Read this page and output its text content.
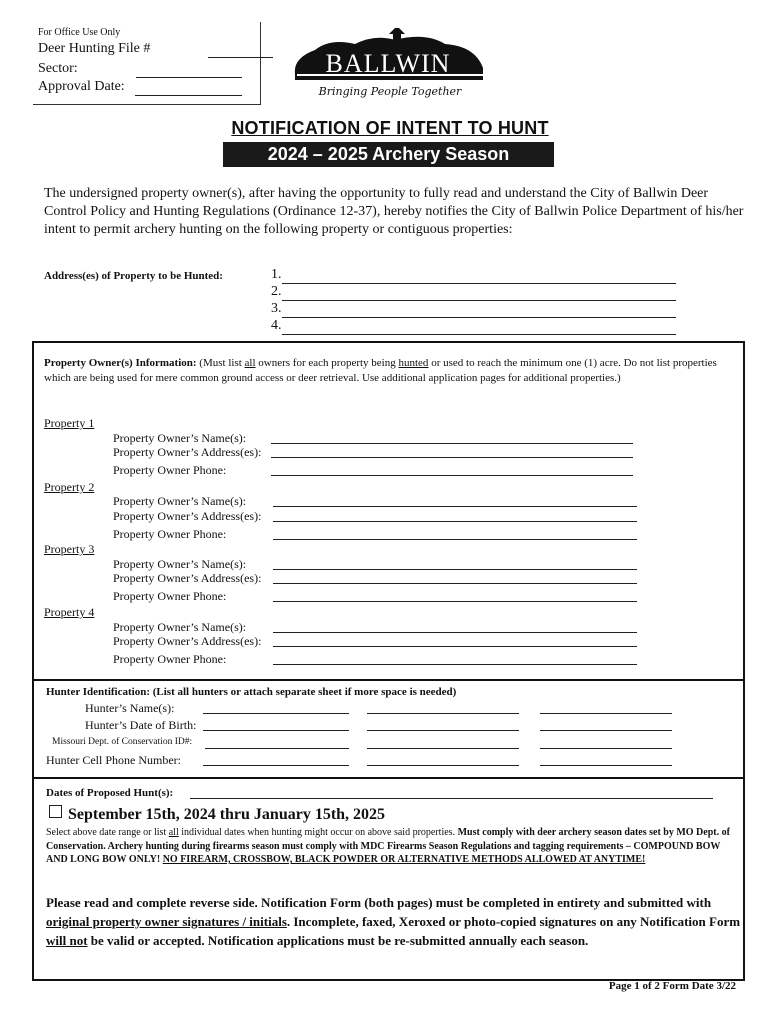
For Office Use Only
Deer Hunting File #
Sector:
Approval Date:
BALLWIN
Bringing People Together
NOTIFICATION OF INTENT TO HUNT
2024 – 2025 Archery Season
The undersigned property owner(s), after having the opportunity to fully read and understand the City of Ballwin Deer Control Policy and Hunting Regulations (Ordinance 12-37), hereby notifies the City of Ballwin Police Department of his/her intent to permit archery hunting on the following property or contiguous properties:
Address(es) of Property to be Hunted:	1.
2.
3.
4.
Property Owner(s) Information: (Must list all owners for each property being hunted or used to reach the minimum one (1) acre. Do not list properties which are being used for mere common ground access or deer retrieval. Use additional application pages for additional properties.)
Property 1
Property Owner’s Name(s):
Property Owner’s Address(es):
Property Owner Phone:
Property 2
Property Owner’s Name(s):
Property Owner’s Address(es):
Property Owner Phone:
Property 3
Property Owner’s Name(s):
Property Owner’s Address(es):
Property Owner Phone:
Property 4
Property Owner’s Name(s):
Property Owner’s Address(es):
Property Owner Phone:
Hunter Identification: (List all hunters or attach separate sheet if more space is needed)
Hunter’s Name(s):
Hunter’s Date of Birth:
Missouri Dept. of Conservation ID#:
Hunter Cell Phone Number:
Dates of Proposed Hunt(s):
September 15th, 2024 thru January 15th, 2025
Select above date range or list all individual dates when hunting might occur on above said properties. Must comply with deer archery season dates set by MO Dept. of Conservation. Archery hunting during firearms season must comply with MDC Firearms Season Regulations and tagging requirements – COMPOUND BOW AND LONG BOW ONLY! NO FIREARM, CROSSBOW, BLACK POWDER OR ALTERNATIVE METHODS ALLOWED AT ANYTIME!
Please read and complete reverse side. Notification Form (both pages) must be completed in entirety and submitted with original property owner signatures / initials. Incomplete, faxed, Xeroxed or photo-copied signatures on any Notification Form will not be valid or accepted. Notification applications must be re-submitted annually each season.
Page 1 of 2 Form Date 3/22
